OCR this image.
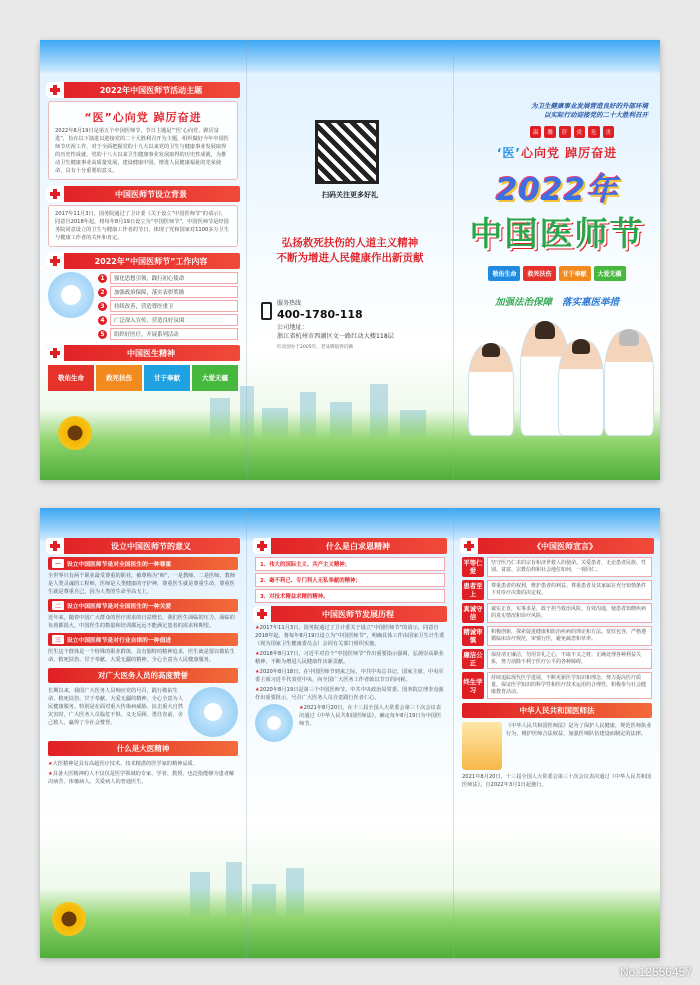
2022年中国医师节活动主题
“医”心向党 踔厉奋进
2022年8月19日是第五个中国医师节。节日主题是“‘医’心向党、踔厉奋进”，旨在以下演进以迎接党的二十大胜利召开为主题，组织做好今年中国医师节庆祝工作，对于全面把握党的十九大以来党的卫生与健康事业发展取得的历史性成就，党的十八大以来卫生健康事业发展取得的历史性成就，为推动卫生健康事业高质量发展，建设健康中国，增进人民健康福祉的光荣使命，具有十分重要的意义。
中国医师节设立背景
2017年11月3日，国务院通过了卫计委《关于设立“中国医师节”的请示》，同意自2018年起，将每年8月19日设立为“中国医师节”，中国医师节是经国务院同意设立的卫生与健康工作者的节日，体现了党和国家对1100多万卫生与健康工作者的关怀和肯定。
2022年“中国医师节”工作内容
1	强化思想引领，践行初心使命
2	加强政治保障，落实表彰奖励
3	持续改善，营造尊医重卫
4	广泛深入宣传，营造良好氛围
5	组织好医疗，开展系列活动
中国医生精神
敬佑生命	救死扶伤	甘于奉献	大爱无疆
扫码关注更多好礼
弘扬救死扶伤的人道主义精神
不断为增进人民健康作出新贡献
服务热线
400-1780-118
公司地址：
浙江省杭州市西湖区文一路红动大楼118层
红动创办于2005年，老品牌值得信赖
为卫生健康事业发展营造良好的外部环境
以实际行动迎接党的二十大胜利召开
温	馨	肝	炎	危	害
‘医’心向党 踔厉奋进
2022年
中国医师节
敬佑生命	救死扶伤	甘于奉献	大爱无疆
加强法治保障 落实惠医举措
设立中国医师节的意义
一 设立中国医师节是对全国医生的一种尊重
全世界只有两个职业最受尊重的职业，被尊称为“师”，一是教师，二是医师。教师是人类灵魂的工程师，医师是人类健康的守护神，尊重医生就是尊重生命，尊重医生就是尊重自己，因为人类的生命至高无上。
二 设立中国医师节是对全国医生的一种关爱
近年来，随着中国广大群众的医疗需求的日益增长，我们医生面临的压力、面临的负荷都很大，中国医生的数量和培训都远远不能满足患者的需求和期望。
三 设立中国医师节是对行业自律的一种倡进
医生这个群体是一个特殊的职业群体，具有独特的精神追求，医生就是要以敬佑生命、救死扶伤、甘于奉献、大爱无疆的精神，全心全意为人民健康服务。
对广大医务人员的高度赞誉
长期以来，我国广大医务人员响应党的号召，践行敬佑生命、救死扶伤、甘于奉献、大爱无疆的精神，全心全意为人民健康服务。特别是在面对重大传染病威胁、抗击重大自然灾害时，广大医务人员临危不惧、义无反顾、勇往直前、舍己救人，赢得了全社会赞誉。
什么是大医精神
★大医精神是具有高超医疗技术、技术精湛的医学家的精神品质。
★具备大医精神的人不仅仅是医学领域的专家、学者、教授，也泛指能够为患者解决病苦、体恤病人、关爱病人的普通医生。
什么是白求恩精神
1、伟大的国际主义、共产主义精神；
2、毫不利己、专门利人无私奉献的精神；
3、对技术精益求精的精神。
中国医师节发展历程
★2017年11月3日，国务院通过了卫计委关于设立“中国医师节”的请示，同意自2018年起，将每年8月19日设立为“中国医师节”，明确具体工作由国家卫生计生委（现为国家卫生健康委员会）会同有关部门组织实施。
★2018年8月17日，习近平对首个“中国医师节”作出重要指示强调，弘扬崇高职业精神，不断为增进人民健康作出新贡献。
★2020年8月18日，在中国医师节到来之际，中共中央总书记、国家主席、中央军委主席习近平代表党中央，向全国广大医务工作者致以节日的问候。
★2020年8月19日是第三个中国医师节。中共中央政治局常委、国务院总理李克强作出重要批示，号召广大医务人员自觉践行医者仁心。
★2021年8月20日，在十三届全国人大常委会第三十次会议表决通过《中华人民共和国医师法》，确定每年8月19日为中国医师节。
《中国医师宣言》
平等仁爱
坚守医乃仁术的宗旨和济世救人的使命。关爱患者，无论患者民族、性别、贫富、宗教信仰和社会地位如何，一视同仁。
患者至上
尊重患者的权利，维护患者的利益。尊重患者及其家属在充分知情条件下对诊疗决策的决定权。
真诚守信
诚实正直，实事求是，敢于担当救治风险。有效沟通，使患者知晓疾病的真实情况和诊疗风险。
精诚审慎
积极创新，探索促进健康和防治疾病的理论和方法。宽厚包容，严格遵循临床诊疗规范，审慎行医，避免疏忽和草率。
廉洁公正
保持清正廉洁，勿用非礼之心，不取不义之财。正确处理各种利益关系，努力消除不利于医疗公平的各种障碍。
终生学习
持续追踪现代医学进展，不断更新医学知识和理念，努力提高医疗质量。保证医学知识的科学性和医疗技术运用的合理性，积极参与社会健康教育活动。
中华人民共和国医师法
《中华人民共和国医师法》是为了保护人民健康，规范医师执业行为，维护医师合法权益，加强医师队伍建设而制定的法律。
2021年8月20日，十三届全国人大常委会第三十次会议表决通过《中华人民共和国医师法》。自2022年3月1日起施行。
No:12556457
